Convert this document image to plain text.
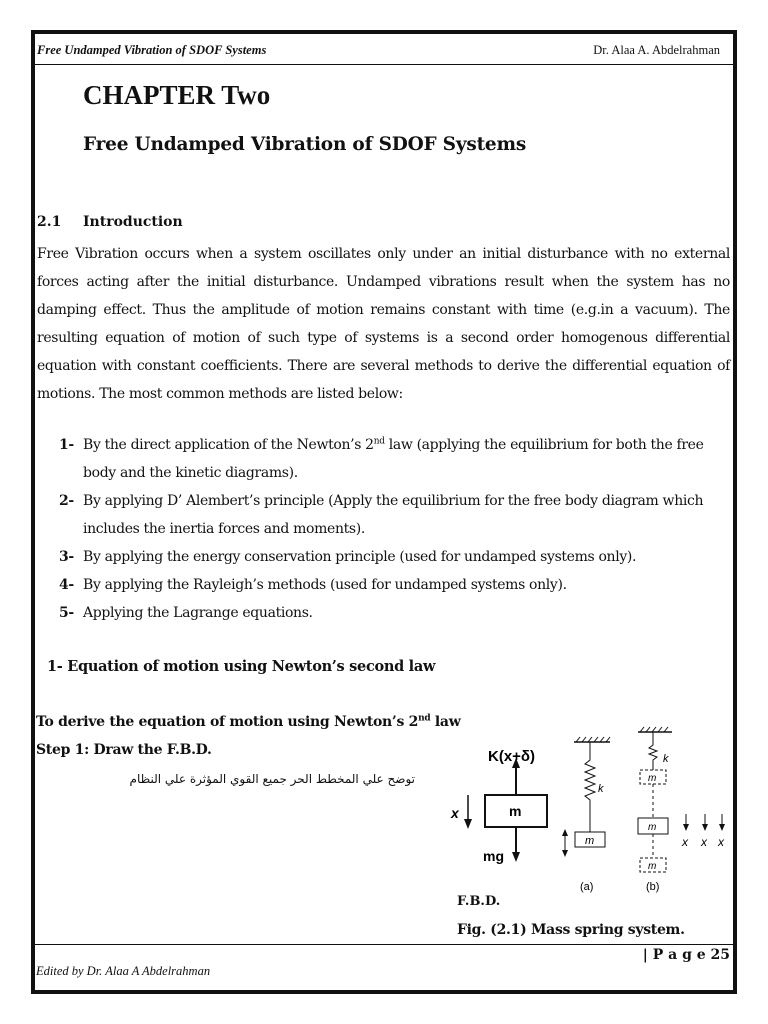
Free Undamped Vibration of SDOF Systems	Dr. Alaa A. Abdelrahman
CHAPTER Two
Free Undamped Vibration of SDOF Systems
2.1 Introduction
Free Vibration occurs when a system oscillates only under an initial disturbance with no external forces acting after the initial disturbance. Undamped vibrations result when the system has no damping effect. Thus the amplitude of motion remains constant with time (e.g.in a vacuum). The resulting equation of motion of such type of systems is a second order homogenous differential equation with constant coefficients. There are several methods to derive the differential equation of motions. The most common methods are listed below:
1- By the direct application of the Newton’s 2nd law (applying the equilibrium for both the free body and the kinetic diagrams).
2- By applying D’ Alembert’s principle (Apply the equilibrium for the free body diagram which includes the inertia forces and moments).
3- By applying the energy conservation principle (used for undamped systems only).
4- By applying the Rayleigh’s methods (used for undamped systems only).
5- Applying the Lagrange equations.
1- Equation of motion using Newton’s second law
To derive the equation of motion using Newton’s 2nd law
Step 1: Draw the F.B.D.
توضح علي المخطط الحر جميع القوي المؤثرة علي النظام
K(x+δ)
m
mg
x
k
m
(a)
k
m
m
m
(b)
x x x
F.B.D.
Fig. (2.1) Mass spring system.
| P a g e 25
Edited by Dr. Alaa A Abdelrahman
